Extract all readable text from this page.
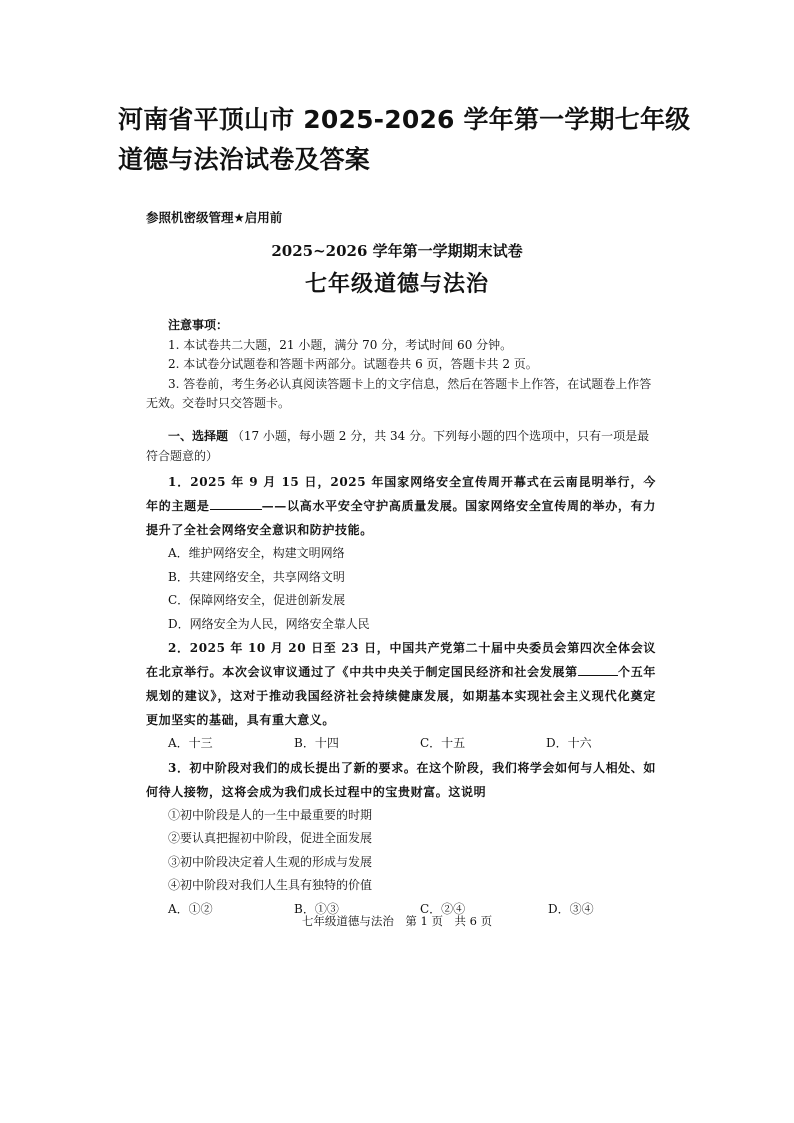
河南省平顶山市 2025-2026 学年第一学期七年级道德与法治试卷及答案
参照机密级管理★启用前
2025~2026 学年第一学期期末试卷
七年级道德与法治
注意事项：
1. 本试卷共二大题，21 小题，满分 70 分，考试时间 60 分钟。
2. 本试卷分试题卷和答题卡两部分。试题卷共 6 页，答题卡共 2 页。
3. 答卷前，考生务必认真阅读答题卡上的文字信息，然后在答题卡上作答，在试题卷上作答无效。交卷时只交答题卡。
一、选择题 （17 小题，每小题 2 分，共 34 分。下列每小题的四个选项中，只有一项是最符合题意的）

1．2025 年 9 月 15 日，2025 年国家网络安全宣传周开幕式在云南昆明举行，今年的主题是	——以高水平安全守护高质量发展。国家网络安全宣传周的举办，有力提升了全社会网络安全意识和防护技能。

A．维护网络安全，构建文明网络
B．共建网络安全，共享网络文明
C．保障网络安全，促进创新发展
D．网络安全为人民，网络安全靠人民

2．2025 年 10 月 20 日至 23 日，中国共产党第二十届中央委员会第四次全体会议在北京举行。本次会议审议通过了《中共中央关于制定国民经济和社会发展第	个五年规划的建议》，这对于推动我国经济社会持续健康发展，如期基本实现社会主义现代化奠定更加坚实的基础，具有重大意义。

A．十三	B．十四	C．十五	D．十六

3．初中阶段对我们的成长提出了新的要求。在这个阶段，我们将学会如何与人相处、如何待人接物，这将会成为我们成长过程中的宝贵财富。这说明

①初中阶段是人的一生中最重要的时期
②要认真把握初中阶段，促进全面发展
③初中阶段决定着人生观的形成与发展
④初中阶段对我们人生具有独特的价值
A．①②	B．①③	C．②④	D．③④
七年级道德与法治　第 1 页　共 6 页
